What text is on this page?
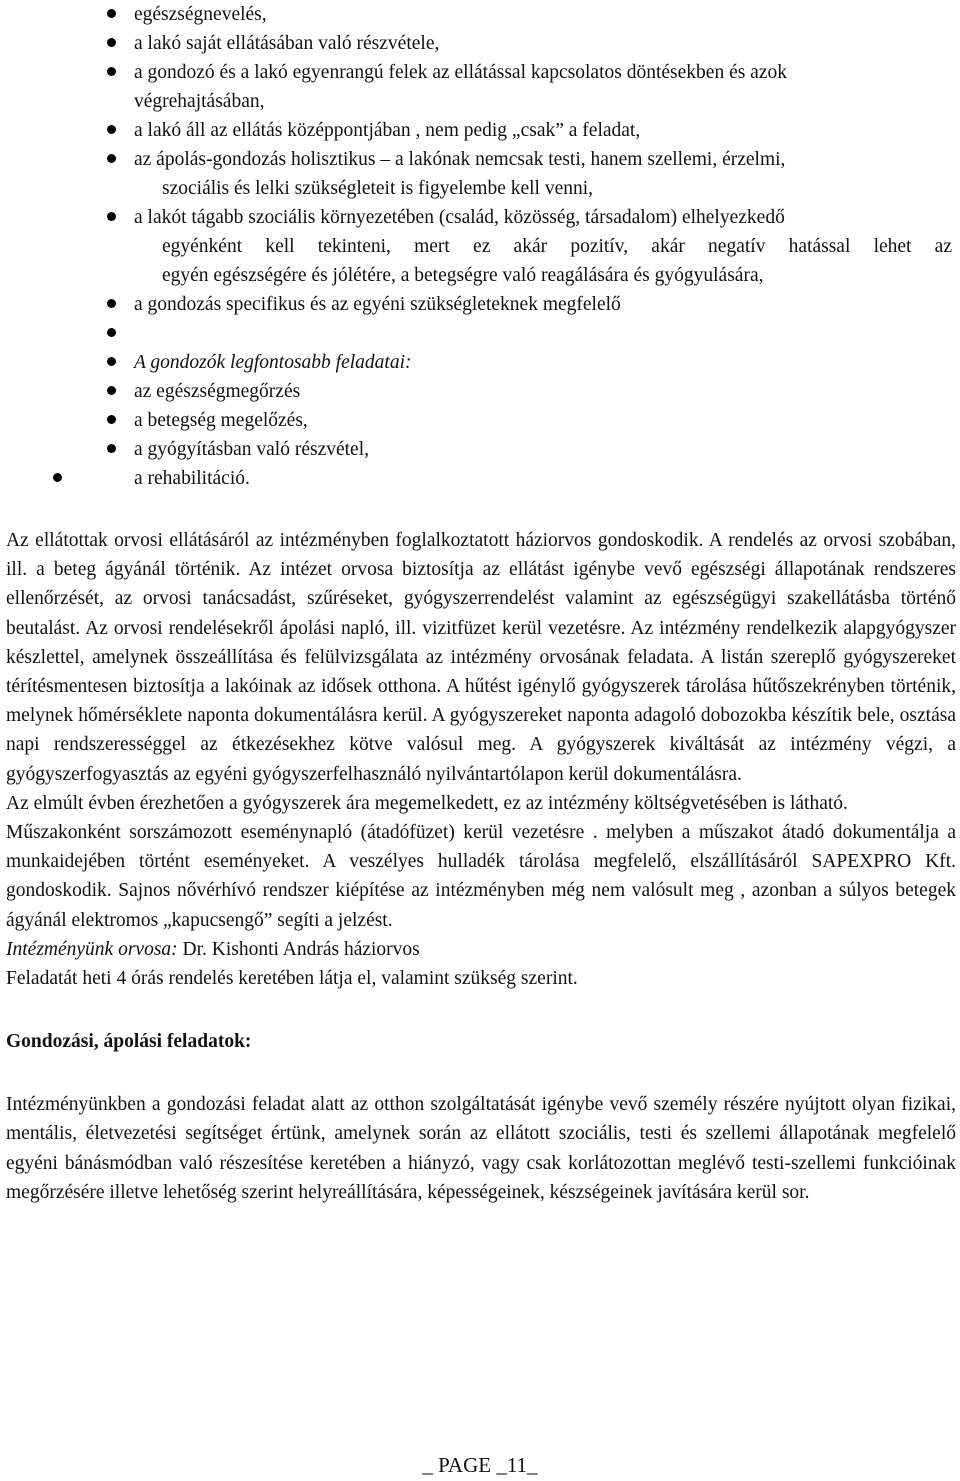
egészségnevelés,
a lakó saját ellátásában való részvétele,
a gondozó és a lakó egyenrangú felek az ellátással kapcsolatos döntésekben és azok
végrehajtásában,
a lakó áll az ellátás középpontjában , nem pedig „csak” a feladat,
az ápolás-gondozás holisztikus – a lakónak nemcsak testi, hanem szellemi, érzelmi,
szociális és lelki szükségleteit is figyelembe kell venni,
a lakót tágabb szociális környezetében (család, közösség, társadalom) elhelyezkedő
egyénként kell tekinteni, mert ez akár pozitív, akár negatív hatással lehet az
egyén egészségére és jólétére, a betegségre való reagálására és gyógyulására,
a gondozás specifikus és az egyéni szükségleteknek megfelelő
A gondozók legfontosabb feladatai:
az egészségmegőrzés
a betegség megelőzés,
a gyógyításban való részvétel,
a rehabilitáció.

Az ellátottak orvosi ellátásáról az intézményben foglalkoztatott háziorvos gondoskodik. A rendelés az orvosi szobában, ill. a beteg ágyánál történik. Az intézet orvosa biztosítja az ellátást igénybe vevő egészségi állapotának rendszeres ellenőrzését, az orvosi tanácsadást, szűréseket, gyógyszerrendelést valamint az egészségügyi szakellátásba történő beutalást. Az orvosi rendelésekről ápolási napló, ill. vizitfüzet kerül vezetésre. Az intézmény rendelkezik alapgyógyszer készlettel, amelynek összeállítása és felülvizsgálata az intézmény orvosának feladata. A listán szereplő gyógyszereket térítésmentesen biztosítja a lakóinak az idősek otthona. A hűtést igénylő gyógyszerek tárolása hűtőszekrényben történik, melynek hőmérséklete naponta dokumentálásra kerül. A gyógyszereket naponta adagoló dobozokba készítik bele, osztása napi rendszerességgel az étkezésekhez kötve valósul meg. A gyógyszerek kiváltását az intézmény végzi, a gyógyszerfogyasztás az egyéni gyógyszerfelhasználó nyilvántartólapon kerül dokumentálásra.

Az elmúlt évben érezhetően a gyógyszerek ára megemelkedett, ez az intézmény költségvetésében is látható.

Műszakonként sorszámozott eseménynapló (átadófüzet) kerül vezetésre . melyben a műszakot átadó dokumentálja a munkaidejében történt eseményeket. A veszélyes hulladék tárolása megfelelő, elszállításáról SAPEXPRO Kft. gondoskodik. Sajnos nővérhívó rendszer kiépítése az intézményben még nem valósult meg , azonban a súlyos betegek ágyánál elektromos „kapucsengő” segíti a jelzést.

Intézményünk orvosa: Dr. Kishonti András háziorvos

Feladatát heti 4 órás rendelés keretében látja el, valamint szükség szerint.

Gondozási, ápolási feladatok:

Intézményünkben a gondozási feladat alatt az otthon szolgáltatását igénybe vevő személy részére nyújtott olyan fizikai, mentális, életvezetési segítséget értünk, amelynek során az ellátott szociális, testi és szellemi állapotának megfelelő egyéni bánásmódban való részesítése keretében a hiányzó, vagy csak korlátozottan meglévő testi-szellemi funkcióinak megőrzésére illetve lehetőség szerint helyreállítására, képességeinek, készségeinek javítására kerül sor.

_ PAGE _11_
